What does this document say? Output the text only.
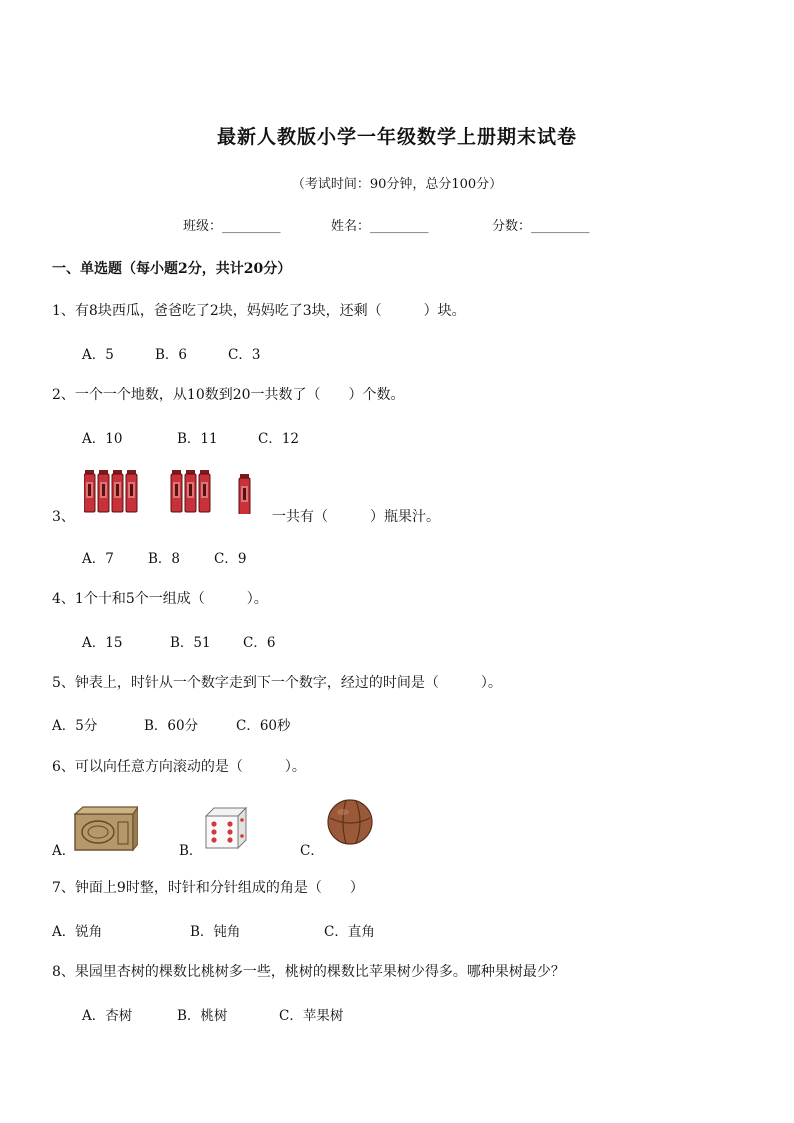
最新人教版小学一年级数学上册期末试卷
（考试时间：90分钟，总分100分）
班级：_________	姓名：_________	分数：_________
一、单选题（每小题2分，共计20分）
1、有8块西瓜，爸爸吃了2块，妈妈吃了3块，还剩（　　　）块。
A．5	B．6	C．3
2、一个一个地数，从10数到20一共数了（　　）个数。
A．10	B．11	C．12
3、	一共有（　　　）瓶果汁。
A．7	B．8	C．9
4、1个十和5个一组成（　　　）。
A．15	B．51 C．6
5、钟表上，时针从一个数字走到下一个数字，经过的时间是（　　　）。
A．5分	B．60分	C．60秒
6、可以向任意方向滚动的是（　　　）。
A．	B．	C．
7、钟面上9时整，时针和分针组成的角是（　　）
A．锐角	B．钝角	C．直角
8、果园里杏树的棵数比桃树多一些，桃树的棵数比苹果树少得多。哪种果树最少？
A．杏树	B．桃树	C．苹果树
